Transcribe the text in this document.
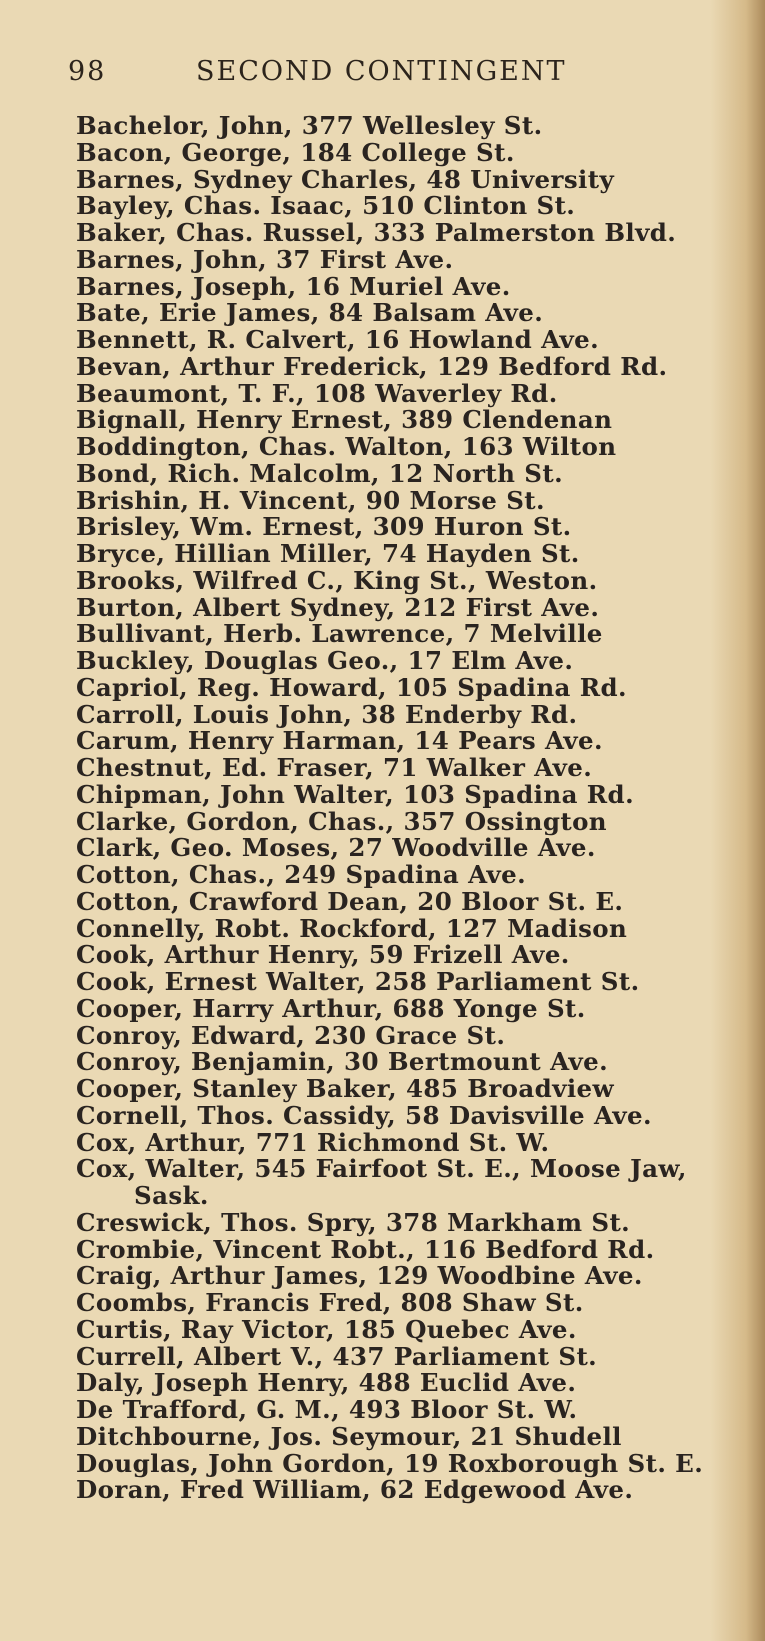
98	SECOND CONTINGENT
Bachelor, John, 377 Wellesley St.
Bacon, George, 184 College St.
Barnes, Sydney Charles, 48 University
Bayley, Chas. Isaac, 510 Clinton St.
Baker, Chas. Russel, 333 Palmerston Blvd.
Barnes, John, 37 First Ave.
Barnes, Joseph, 16 Muriel Ave.
Bate, Erie James, 84 Balsam Ave.
Bennett, R. Calvert, 16 Howland Ave.
Bevan, Arthur Frederick, 129 Bedford Rd.
Beaumont, T. F., 108 Waverley Rd.
Bignall, Henry Ernest, 389 Clendenan
Boddington, Chas. Walton, 163 Wilton
Bond, Rich. Malcolm, 12 North St.
Brishin, H. Vincent, 90 Morse St.
Brisley, Wm. Ernest, 309 Huron St.
Bryce, Hillian Miller, 74 Hayden St.
Brooks, Wilfred C., King St., Weston.
Burton, Albert Sydney, 212 First Ave.
Bullivant, Herb. Lawrence, 7 Melville
Buckley, Douglas Geo., 17 Elm Ave.
Capriol, Reg. Howard, 105 Spadina Rd.
Carroll, Louis John, 38 Enderby Rd.
Carum, Henry Harman, 14 Pears Ave.
Chestnut, Ed. Fraser, 71 Walker Ave.
Chipman, John Walter, 103 Spadina Rd.
Clarke, Gordon, Chas., 357 Ossington
Clark, Geo. Moses, 27 Woodville Ave.
Cotton, Chas., 249 Spadina Ave.
Cotton, Crawford Dean, 20 Bloor St. E.
Connelly, Robt. Rockford, 127 Madison
Cook, Arthur Henry, 59 Frizell Ave.
Cook, Ernest Walter, 258 Parliament St.
Cooper, Harry Arthur, 688 Yonge St.
Conroy, Edward, 230 Grace St.
Conroy, Benjamin, 30 Bertmount Ave.
Cooper, Stanley Baker, 485 Broadview
Cornell, Thos. Cassidy, 58 Davisville Ave.
Cox, Arthur, 771 Richmond St. W.
Cox, Walter, 545 Fairfoot St. E., Moose Jaw, Sask.
Creswick, Thos. Spry, 378 Markham St.
Crombie, Vincent Robt., 116 Bedford Rd.
Craig, Arthur James, 129 Woodbine Ave.
Coombs, Francis Fred, 808 Shaw St.
Curtis, Ray Victor, 185 Quebec Ave.
Currell, Albert V., 437 Parliament St.
Daly, Joseph Henry, 488 Euclid Ave.
De Trafford, G. M., 493 Bloor St. W.
Ditchbourne, Jos. Seymour, 21 Shudell
Douglas, John Gordon, 19 Roxborough St. E.
Doran, Fred William, 62 Edgewood Ave.
